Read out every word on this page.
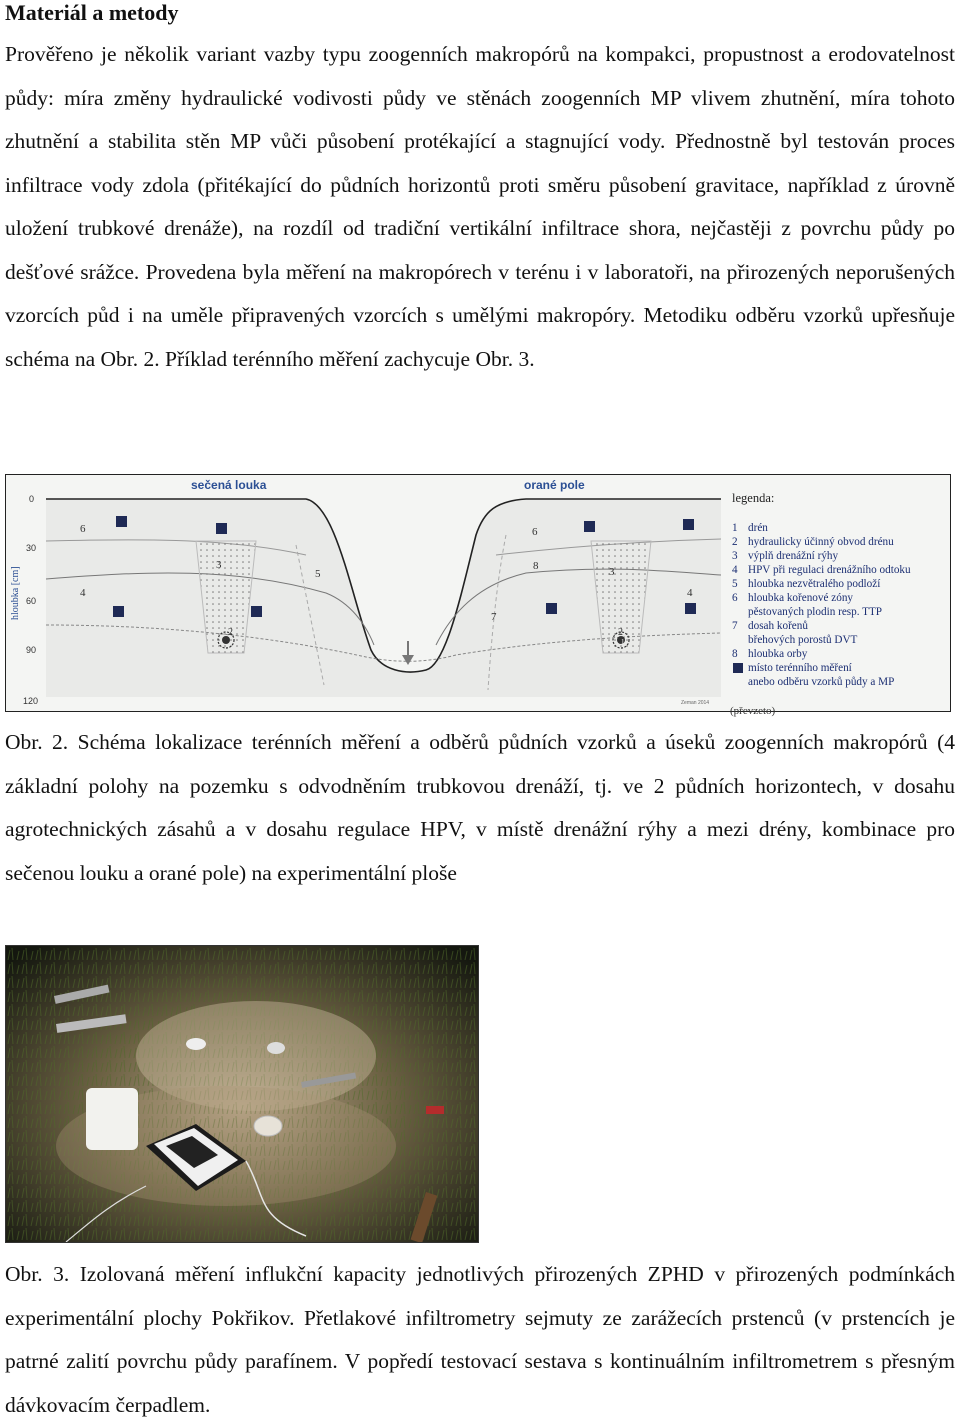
Materiál a metody

Prověřeno je několik variant vazby typu zoogenních makropórů na kompakci, propustnost a erodovatelnost půdy: míra změny hydraulické vodivosti půdy ve stěnách zoogenních MP vlivem zhutnění, míra tohoto zhutnění a stabilita stěn MP vůči působení protékající a stagnující vody. Přednostně byl testován proces infiltrace vody zdola (přitékající do půdních horizontů proti směru působení gravitace, například z úrovně uložení trubkové drenáže), na rozdíl od tradiční vertikální infiltrace shora, nejčastěji z povrchu půdy po dešťové srážce. Provedena byla měření na makropórech v terénu i v laboratoři, na přirozených neporušených vzorcích půd i na uměle připravených vzorcích s umělými makropóry. Metodiku odběru vzorků upřesňuje schéma na Obr. 2. Příklad terénního měření zachycuje Obr. 3.

sečená louka	orané pole
hloubka [cm]
0
30
60
90
120
6
4
3
2
5
7
6
8	3
2
4
1
Zeman 2014
legenda:
1 drén
2 hydraulicky účinný obvod drénu
3 výplň drenážní rýhy
4 HPV při regulaci drenážního odtoku
5 hloubka nezvětralého podloží
6 hloubka kořenové zóny
pěstovaných plodin resp. TTP
7 dosah kořenů
břehových porostů DVT
8 hloubka orby
místo terénního měření
anebo odběru vzorků půdy a MP
(převzeto)

Obr. 2. Schéma lokalizace terénních měření a odběrů půdních vzorků a úseků zoogenních makropórů (4 základní polohy na pozemku s odvodněním trubkovou drenáží, tj. ve 2 půdních horizontech, v dosahu agrotechnických zásahů a v dosahu regulace HPV, v místě drenážní rýhy a mezi drény, kombinace pro sečenou louku a orané pole) na experimentální ploše

Obr. 3. Izolovaná měření influkční kapacity jednotlivých přirozených ZPHD v přirozených podmínkách experimentální plochy Pokřikov. Přetlakové infiltrometry sejmuty ze zarážecích prstenců (v prstencích je patrné zalití povrchu půdy parafínem. V popředí testovací sestava s kontinuálním infiltrometrem s přesným dávkovacím čerpadlem.
